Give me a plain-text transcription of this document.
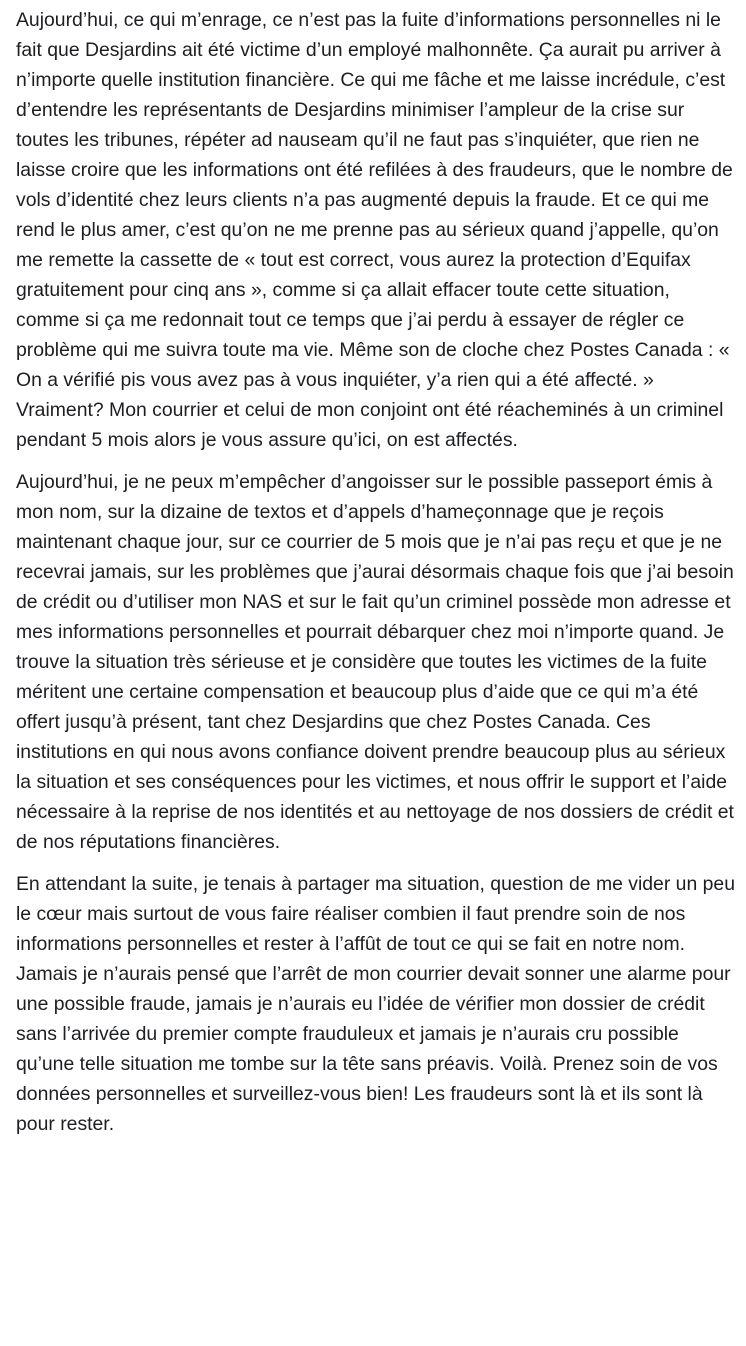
Aujourd’hui, ce qui m’enrage, ce n’est pas la fuite d’informations personnelles ni le fait que Desjardins ait été victime d’un employé malhonnête. Ça aurait pu arriver à n’importe quelle institution financière. Ce qui me fâche et me laisse incrédule, c’est d’entendre les représentants de Desjardins minimiser l’ampleur de la crise sur toutes les tribunes, répéter ad nauseam qu’il ne faut pas s’inquiéter, que rien ne laisse croire que les informations ont été refilées à des fraudeurs, que le nombre de vols d’identité chez leurs clients n’a pas augmenté depuis la fraude. Et ce qui me rend le plus amer, c’est qu’on ne me prenne pas au sérieux quand j’appelle, qu’on me remette la cassette de « tout est correct, vous aurez la protection d’Equifax gratuitement pour cinq ans », comme si ça allait effacer toute cette situation, comme si ça me redonnait tout ce temps que j’ai perdu à essayer de régler ce problème qui me suivra toute ma vie. Même son de cloche chez Postes Canada : « On a vérifié pis vous avez pas à vous inquiéter, y’a rien qui a été affecté. » Vraiment? Mon courrier et celui de mon conjoint ont été réacheminés à un criminel pendant 5 mois alors je vous assure qu’ici, on est affectés.

Aujourd’hui, je ne peux m’empêcher d’angoisser sur le possible passeport émis à mon nom, sur la dizaine de textos et d’appels d’hameçonnage que je reçois maintenant chaque jour, sur ce courrier de 5 mois que je n’ai pas reçu et que je ne recevrai jamais, sur les problèmes que j’aurai désormais chaque fois que j’ai besoin de crédit ou d’utiliser mon NAS et sur le fait qu’un criminel possède mon adresse et mes informations personnelles et pourrait débarquer chez moi n’importe quand. Je trouve la situation très sérieuse et je considère que toutes les victimes de la fuite méritent une certaine compensation et beaucoup plus d’aide que ce qui m’a été offert jusqu’à présent, tant chez Desjardins que chez Postes Canada. Ces institutions en qui nous avons confiance doivent prendre beaucoup plus au sérieux la situation et ses conséquences pour les victimes, et nous offrir le support et l’aide nécessaire à la reprise de nos identités et au nettoyage de nos dossiers de crédit et de nos réputations financières.

En attendant la suite, je tenais à partager ma situation, question de me vider un peu le cœur mais surtout de vous faire réaliser combien il faut prendre soin de nos informations personnelles et rester à l’affût de tout ce qui se fait en notre nom. Jamais je n’aurais pensé que l’arrêt de mon courrier devait sonner une alarme pour une possible fraude, jamais je n’aurais eu l’idée de vérifier mon dossier de crédit sans l’arrivée du premier compte frauduleux et jamais je n’aurais cru possible qu’une telle situation me tombe sur la tête sans préavis. Voilà. Prenez soin de vos données personnelles et surveillez-vous bien! Les fraudeurs sont là et ils sont là pour rester.
